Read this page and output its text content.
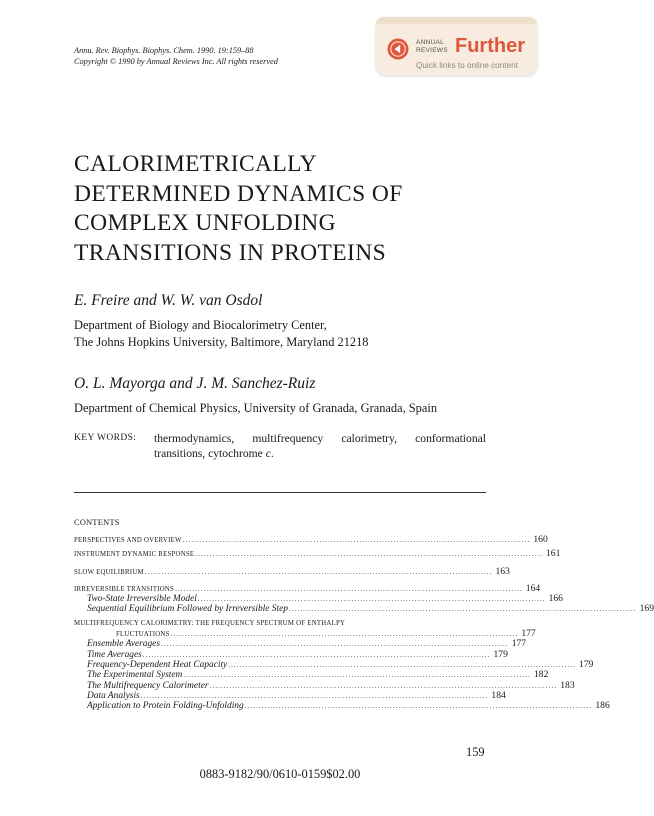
Annu. Rev. Biophys. Biophys. Chem. 1990. 19:159–88
Copyright © 1990 by Annual Reviews Inc. All rights reserved
ANNUAL
REVIEWS Further
Quick links to online content
CALORIMETRICALLY
DETERMINED DYNAMICS OF
COMPLEX UNFOLDING
TRANSITIONS IN PROTEINS
E. Freire and W. W. van Osdol
Department of Biology and Biocalorimetry Center,
The Johns Hopkins University, Baltimore, Maryland 21218
O. L. Mayorga and J. M. Sanchez-Ruiz
Department of Chemical Physics, University of Granada, Granada, Spain
KEY WORDS: thermodynamics, multifrequency calorimetry, conformational transitions, cytochrome c.
CONTENTS
PERSPECTIVES AND OVERVIEW .......................................................................................................................... 160
INSTRUMENT DYNAMIC RESPONSE .......................................................................................................................... 161
SLOW EQUILIBRIUM .......................................................................................................................... 163
IRREVERSIBLE TRANSITIONS .......................................................................................................................... 164
Two-State Irreversible Model .......................................................................................................................... 166
Sequential Equilibrium Followed by Irreversible Step .......................................................................................................................... 169
MULTIFREQUENCY CALORIMETRY: THE FREQUENCY SPECTRUM OF ENTHALPY
FLUCTUATIONS .......................................................................................................................... 177
Ensemble Averages .......................................................................................................................... 177
Time Averages .......................................................................................................................... 179
Frequency-Dependent Heat Capacity .......................................................................................................................... 179
The Experimental System .......................................................................................................................... 182
The Multifrequency Calorimeter .......................................................................................................................... 183
Data Analysis .......................................................................................................................... 184
Application to Protein Folding-Unfolding .......................................................................................................................... 186
159
0883-9182/90/0610-0159$02.00
